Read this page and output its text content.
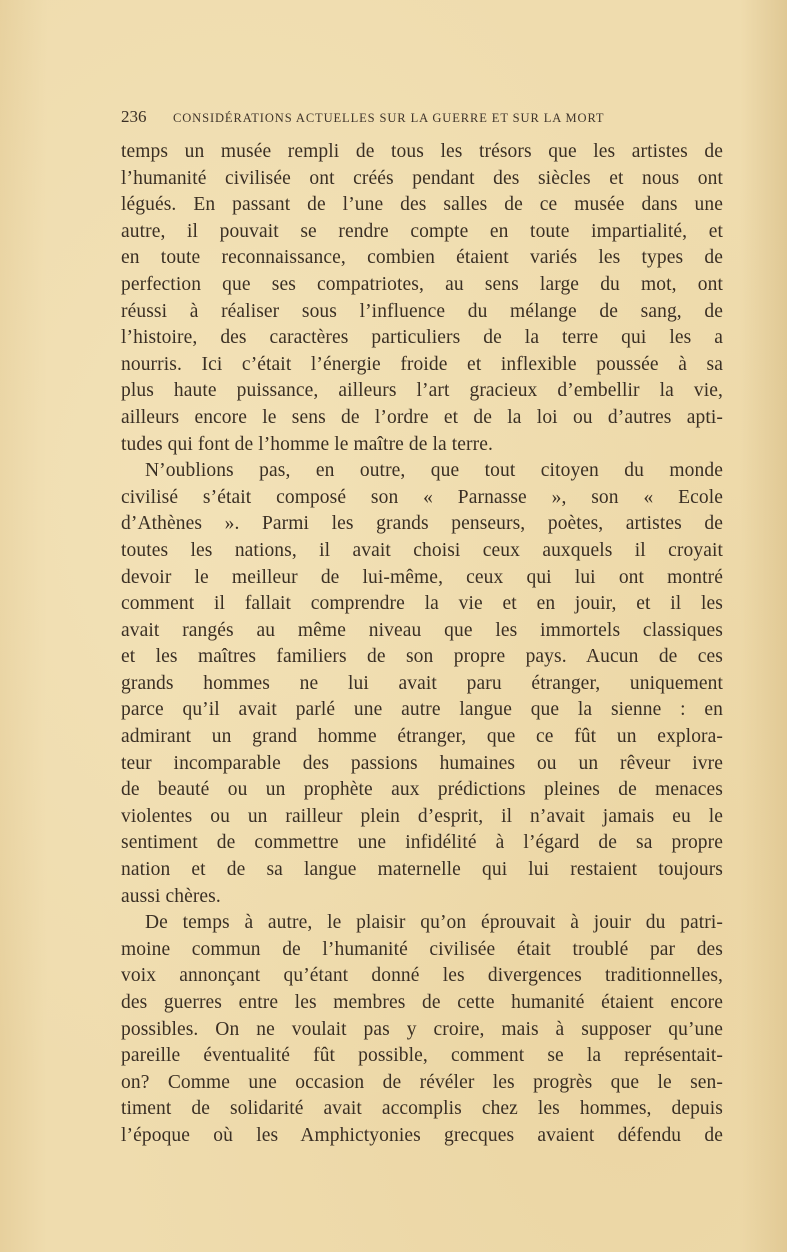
236	CONSIDÉRATIONS ACTUELLES SUR LA GUERRE ET SUR LA MORT
temps un musée rempli de tous les trésors que les artistes de
l’humanité civilisée ont créés pendant des siècles et nous ont
légués. En passant de l’une des salles de ce musée dans une
autre, il pouvait se rendre compte en toute impartialité, et
en toute reconnaissance, combien étaient variés les types de
perfection que ses compatriotes, au sens large du mot, ont
réussi à réaliser sous l’influence du mélange de sang, de
l’histoire, des caractères particuliers de la terre qui les a
nourris. Ici c’était l’énergie froide et inflexible poussée à sa
plus haute puissance, ailleurs l’art gracieux d’embellir la vie,
ailleurs encore le sens de l’ordre et de la loi ou d’autres apti-
tudes qui font de l’homme le maître de la terre.
N’oublions pas, en outre, que tout citoyen du monde
civilisé s’était composé son « Parnasse », son « Ecole
d’Athènes ». Parmi les grands penseurs, poètes, artistes de
toutes les nations, il avait choisi ceux auxquels il croyait
devoir le meilleur de lui-même, ceux qui lui ont montré
comment il fallait comprendre la vie et en jouir, et il les
avait rangés au même niveau que les immortels classiques
et les maîtres familiers de son propre pays. Aucun de ces
grands hommes ne lui avait paru étranger, uniquement
parce qu’il avait parlé une autre langue que la sienne : en
admirant un grand homme étranger, que ce fût un explora-
teur incomparable des passions humaines ou un rêveur ivre
de beauté ou un prophète aux prédictions pleines de menaces
violentes ou un railleur plein d’esprit, il n’avait jamais eu le
sentiment de commettre une infidélité à l’égard de sa propre
nation et de sa langue maternelle qui lui restaient toujours
aussi chères.
De temps à autre, le plaisir qu’on éprouvait à jouir du patri-
moine commun de l’humanité civilisée était troublé par des
voix annonçant qu’étant donné les divergences traditionnelles,
des guerres entre les membres de cette humanité étaient encore
possibles. On ne voulait pas y croire, mais à supposer qu’une
pareille éventualité fût possible, comment se la représentait-
on? Comme une occasion de révéler les progrès que le sen-
timent de solidarité avait accomplis chez les hommes, depuis
l’époque où les Amphictyonies grecques avaient défendu de
